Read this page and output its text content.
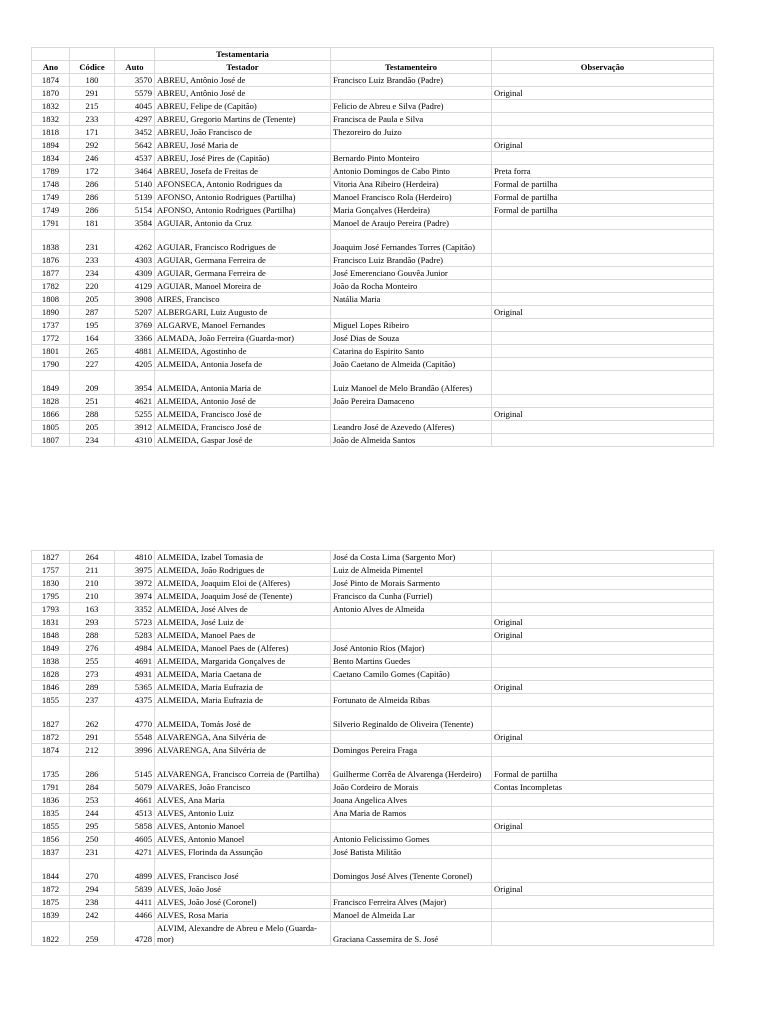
			Testamentaria		
Ano	Códice	Auto	Testador	Testamenteiro	Observação
1874	180	3570	ABREU, Antônio José de	Francisco Luiz Brandão (Padre)	
1870	291	5579	ABREU, Antônio José de		Original
1832	215	4045	ABREU, Felipe de (Capitão)	Felicio de Abreu e Silva (Padre)	
1832	233	4297	ABREU, Gregorio Martins de (Tenente)	Francisca de Paula e Silva	
1818	171	3452	ABREU, João Francisco de	Thezoreiro do Juizo	
1894	292	5642	ABREU, José Maria de		Original
1834	246	4537	ABREU, José Pires de (Capitão)	Bernardo Pinto Monteiro	
1789	172	3464	ABREU, Josefa de Freitas de	Antonio Domingos de Cabo Pinto	Preta forra
1748	286	5140	AFONSECA, Antonio Rodrigues da	Vitoria Ana Ribeiro (Herdeira)	Formal de partilha
1749	286	5139	AFONSO, Antonio Rodrigues (Partilha)	Manoel Francisco Rola (Herdeiro)	Formal de partilha
1749	286	5154	AFONSO, Antonio Rodrigues (Partilha)	Maria Gonçalves (Herdeira)	Formal de partilha
1791	181	3584	AGUIAR, Antonio da Cruz	Manoel de Araujo Pereira (Padre)	
1838	231	4262	AGUIAR, Francisco Rodrigues de	Joaquim José Fernandes Torres (Capitão)	
1876	233	4303	AGUIAR, Germana Ferreira de	Francisco Luiz Brandão (Padre)	
1877	234	4309	AGUIAR, Germana Ferreira de	José Emerenciano Gouvêa Junior	
1782	220	4129	AGUIAR, Manoel Moreira de	João da Rocha Monteiro	
1808	205	3908	AIRES, Francisco	Natália Maria	
1890	287	5207	ALBERGARI, Luiz Augusto de		Original
1737	195	3769	ALGARVE, Manoel Fernandes	Miguel Lopes Ribeiro	
1772	164	3366	ALMADA, João Ferreira (Guarda-mor)	José Dias de Souza	
1801	265	4881	ALMEIDA, Agostinho de	Catarina do Espirito Santo	
1790	227	4205	ALMEIDA, Antonia Josefa de	João Caetano de Almeida (Capitão)	
1849	209	3954	ALMEIDA, Antonia Maria de	Luiz Manoel de Melo Brandão (Alferes)	
1828	251	4621	ALMEIDA, Antonio José de	João Pereira Damaceno	
1866	288	5255	ALMEIDA, Francisco José de		Original
1805	205	3912	ALMEIDA, Francisco José de	Leandro José de Azevedo (Alferes)	
1807	234	4310	ALMEIDA, Gaspar José de	João de Almeida Santos	
1827	264	4810	ALMEIDA, Izabel Tomasia de	José da Costa Lima (Sargento Mor)	
1757	211	3975	ALMEIDA, João Rodrigues de	Luiz de Almeida Pimentel	
1830	210	3972	ALMEIDA, Joaquim Eloi de (Alferes)	José Pinto de Morais Sarmento	
1795	210	3974	ALMEIDA, Joaquim José de (Tenente)	Francisco da Cunha (Furriel)	
1793	163	3352	ALMEIDA, José Alves de	Antonio Alves de Almeida	
1831	293	5723	ALMEIDA, José Luiz de		Original
1848	288	5283	ALMEIDA, Manoel Paes de		Original
1849	276	4984	ALMEIDA, Manoel Paes de (Alferes)	José Antonio Rios (Major)	
1838	255	4691	ALMEIDA, Margarida Gonçalves de	Bento Martins Guedes	
1828	273	4931	ALMEIDA, Maria Caetana de	Caetano Camilo Gomes (Capitão)	
1846	289	5365	ALMEIDA, Maria Eufrazia de		Original
1855	237	4375	ALMEIDA, Maria Eufrazia de	Fortunato de Almeida Ribas	
1827	262	4770	ALMEIDA, Tomás José de	Silverio Reginaldo de Oliveira (Tenente)	
1872	291	5548	ALVARENGA, Ana Silvéria de		Original
1874	212	3996	ALVARENGA, Ana Silvéria de	Domingos Pereira Fraga	
1735	286	5145	ALVARENGA, Francisco Correia de (Partilha)	Guilherme Corrêa de Alvarenga (Herdeiro)	Formal de partilha
1791	284	5079	ALVARES, João Francisco	João Cordeiro de Morais	Contas Incompletas
1836	253	4661	ALVES, Ana Maria	Joana Angelica Alves	
1835	244	4513	ALVES, Antonio Luiz	Ana Maria de Ramos	
1855	295	5858	ALVES, Antonio Manoel		Original
1856	250	4605	ALVES, Antonio Manoel	Antonio Felicissimo Gomes	
1837	231	4271	ALVES, Florinda da Assunção	José Batista Militão	
1844	270	4899	ALVES, Francisco José	Domingos José Alves (Tenente Coronel)	
1872	294	5839	ALVES, João José		Original
1875	238	4411	ALVES, João José (Coronel)	Francisco Ferreira Alves (Major)	
1839	242	4466	ALVES, Rosa Maria	Manoel de Almeida Lar	
1822	259	4728	ALVIM, Alexandre de Abreu e Melo (Guarda-mor)	Graciana Cassemira de S. José	
